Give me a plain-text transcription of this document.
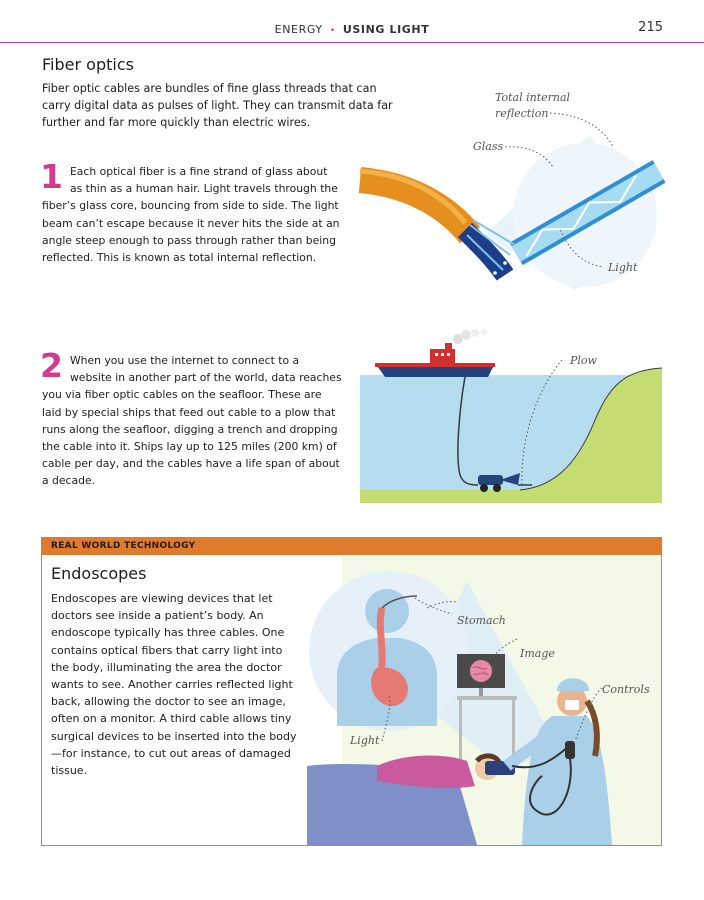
ENERGY • USING LIGHT	215
Fiber optics

Fiber optic cables are bundles of fine glass threads that can carry digital data as pulses of light. They can transmit data far further and far more quickly than electric wires.

1 Each optical fiber is a fine strand of glass about as thin as a human hair. Light travels through the fiber’s glass core, bouncing from side to side. The light beam can’t escape because it never hits the side at an angle steep enough to pass through rather than being reflected. This is known as total internal reflection.

2 When you use the internet to connect to a website in another part of the world, data reaches you via fiber optic cables on the seafloor. These are laid by special ships that feed out cable to a plow that runs along the seafloor, digging a trench and dropping the cable into it. Ships lay up to 125 miles (200 km) of cable per day, and the cables have a life span of about a decade.

Total internal
reflection
Glass
Light
Plow
REAL WORLD TECHNOLOGY
Endoscopes

Endoscopes are viewing devices that let doctors see inside a patient’s body. An endoscope typically has three cables. One contains optical fibers that carry light into the body, illuminating the area the doctor wants to see. Another carries reflected light back, allowing the doctor to see an image, often on a monitor. A third cable allows tiny surgical devices to be inserted into the body—for instance, to cut out areas of damaged tissue.

Stomach
Image
Controls
Light
